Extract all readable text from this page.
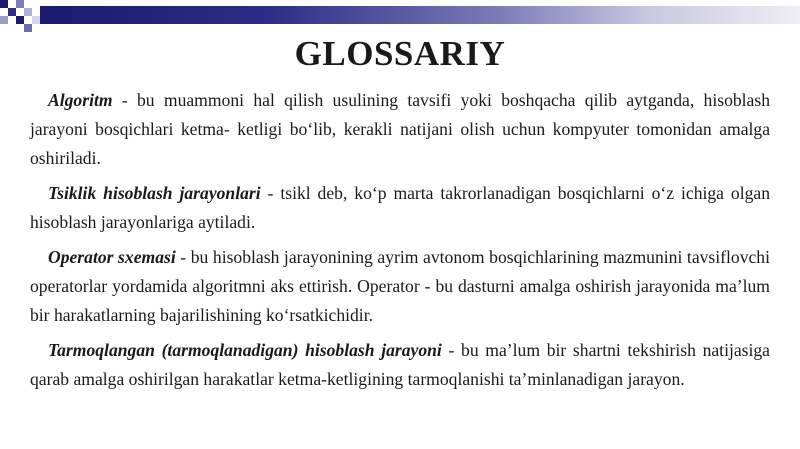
GLOSSARIY

Algoritm - bu muammoni hal qilish usulining tavsifi yoki boshqacha qilib aytganda, hisoblash jarayoni bosqichlari ketma- ketligi bo‘lib, kerakli natijani olish uchun kompyuter tomonidan amalga oshiriladi.

Tsiklik hisoblash jarayonlari - tsikl deb, ko‘p marta takrorlanadigan bosqichlarni o‘z ichiga olgan hisoblash jarayonlariga aytiladi.

Operator sxemasi - bu hisoblash jarayonining ayrim avtonom bosqichlarining mazmunini tavsiflovchi operatorlar yordamida algoritmni aks ettirish. Operator - bu dasturni amalga oshirish jarayonida ma’lum bir harakatlarning bajarilishining ko‘rsatkichidir.

Tarmoqlangan (tarmoqlanadigan) hisoblash jarayoni - bu ma’lum bir shartni tekshirish natijasiga qarab amalga oshirilgan harakatlar ketma-ketligining tarmoqlanishi ta’minlanadigan jarayon.
